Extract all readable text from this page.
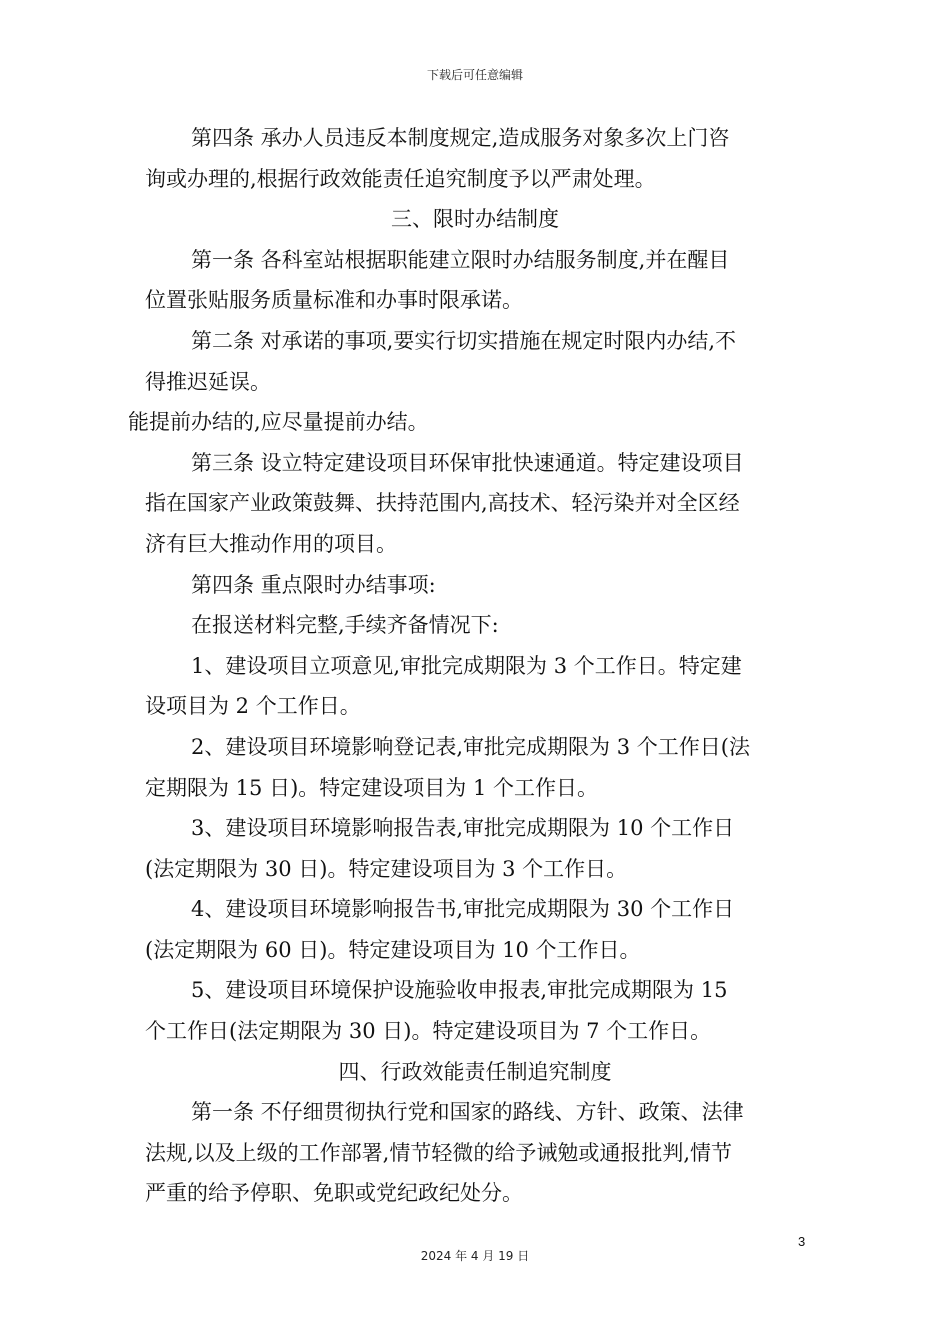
下载后可任意编辑
第四条 承办人员违反本制度规定,造成服务对象多次上门咨
询或办理的,根据行政效能责任追究制度予以严肃处理。
三、限时办结制度
第一条 各科室站根据职能建立限时办结服务制度,并在醒目
位置张贴服务质量标准和办事时限承诺。
第二条 对承诺的事项,要实行切实措施在规定时限内办结,不
得推迟延误。
能提前办结的,应尽量提前办结。
第三条 设立特定建设项目环保审批快速通道。特定建设项目
指在国家产业政策鼓舞、扶持范围内,高技术、轻污染并对全区经
济有巨大推动作用的项目。
第四条 重点限时办结事项:
在报送材料完整,手续齐备情况下:
1、建设项目立项意见,审批完成期限为 3 个工作日。特定建
设项目为 2 个工作日。
2、建设项目环境影响登记表,审批完成期限为 3 个工作日(法
定期限为 15 日)。特定建设项目为 1 个工作日。
3、建设项目环境影响报告表,审批完成期限为 10 个工作日
(法定期限为 30 日)。特定建设项目为 3 个工作日。
4、建设项目环境影响报告书,审批完成期限为 30 个工作日
(法定期限为 60 日)。特定建设项目为 10 个工作日。
5、建设项目环境保护设施验收申报表,审批完成期限为 15
个工作日(法定期限为 30 日)。特定建设项目为 7 个工作日。
四、行政效能责任制追究制度
第一条 不仔细贯彻执行党和国家的路线、方针、政策、法律
法规,以及上级的工作部署,情节轻微的给予诫勉或通报批判,情节
严重的给予停职、免职或党纪政纪处分。
3
2024 年 4 月 19 日
